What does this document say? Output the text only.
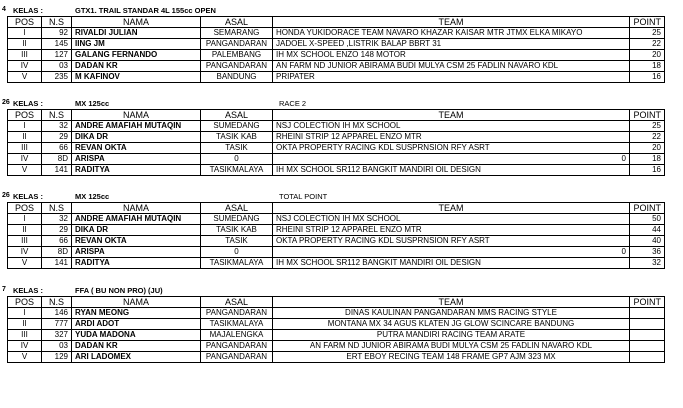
4 KELAS :	GTX1. TRAIL STANDAR 4L 155cc OPEN
POS	N.S	NAMA	ASAL	TEAM	POINT
I	92	RIVALDI JULIAN	SEMARANG	HONDA YUKIDORACE TEAM NAVARO KHAZAR KAISAR MTR JTMX ELKA MIKAYO	25
II	145	IING JM	PANGANDARAN	JADOEL X-SPEED ,LISTRIK BALAP BBRT 31	22
III	127	GALANG FERNANDO	PALEMBANG	IH MX SCHOOL ENZO 148 MOTOR	20
IV	03	DADAN KR	PANGANDARAN	AN FARM ND JUNIOR ABIRAMA BUDI MULYA CSM 25 FADLIN NAVARO KDL	18
V	235	M KAFINOV	BANDUNG	PRIPATER	16
26 KELAS :	MX 125cc	RACE 2
POS	N.S	NAMA	ASAL	TEAM	POINT
I	32	ANDRE AMAFIAH MUTAQIN	SUMEDANG	NSJ COLECTION IH MX SCHOOL	25
II	29	DIKA DR	TASIK KAB	RHEINI STRIP 12 APPAREL ENZO MTR	22
III	66	REVAN OKTA	TASIK	OKTA PROPERTY RACING KDL SUSPRNSION RFY ASRT	20
IV	8D	ARISPA	0	0	18
V	141	RADITYA	TASIKMALAYA	IH MX SCHOOL SR112 BANGKIT MANDIRI OIL DESIGN	16
26 KELAS :	MX 125cc	TOTAL POINT
POS	N.S	NAMA	ASAL	TEAM	POINT
I	32	ANDRE AMAFIAH MUTAQIN	SUMEDANG	NSJ COLECTION IH MX SCHOOL	50
II	29	DIKA DR	TASIK KAB	RHEINI STRIP 12 APPAREL ENZO MTR	44
III	66	REVAN OKTA	TASIK	OKTA PROPERTY RACING KDL SUSPRNSION RFY ASRT	40
IV	8D	ARISPA	0	0	36
V	141	RADITYA	TASIKMALAYA	IH MX SCHOOL SR112 BANGKIT MANDIRI OIL DESIGN	32
7 KELAS :	FFA ( BU NON PRO) (JU)
POS	N.S	NAMA	ASAL	TEAM	POINT
I	146	RYAN MEONG	PANGANDARAN	DINAS KAULINAN PANGANDARAN MMS RACING STYLE

II	777	ARDI ADOT	TASIKMALAYA	MONTANA MX 34 AGUS KLATEN JG GLOW SCINCARE BANDUNG

III	327	YUDA MADONA	MAJALENGKA	PUTRA MANDIRI RACING TEAM ARATE

IV	03	DADAN KR	PANGANDARAN	AN FARM ND JUNIOR ABIRAMA BUDI MULYA CSM 25 FADLIN NAVARO KDL

V	129	ARI LADOMEX	PANGANDARAN	ERT EBOY RECING TEAM 148 FRAME GP7 AJM 323 MX
